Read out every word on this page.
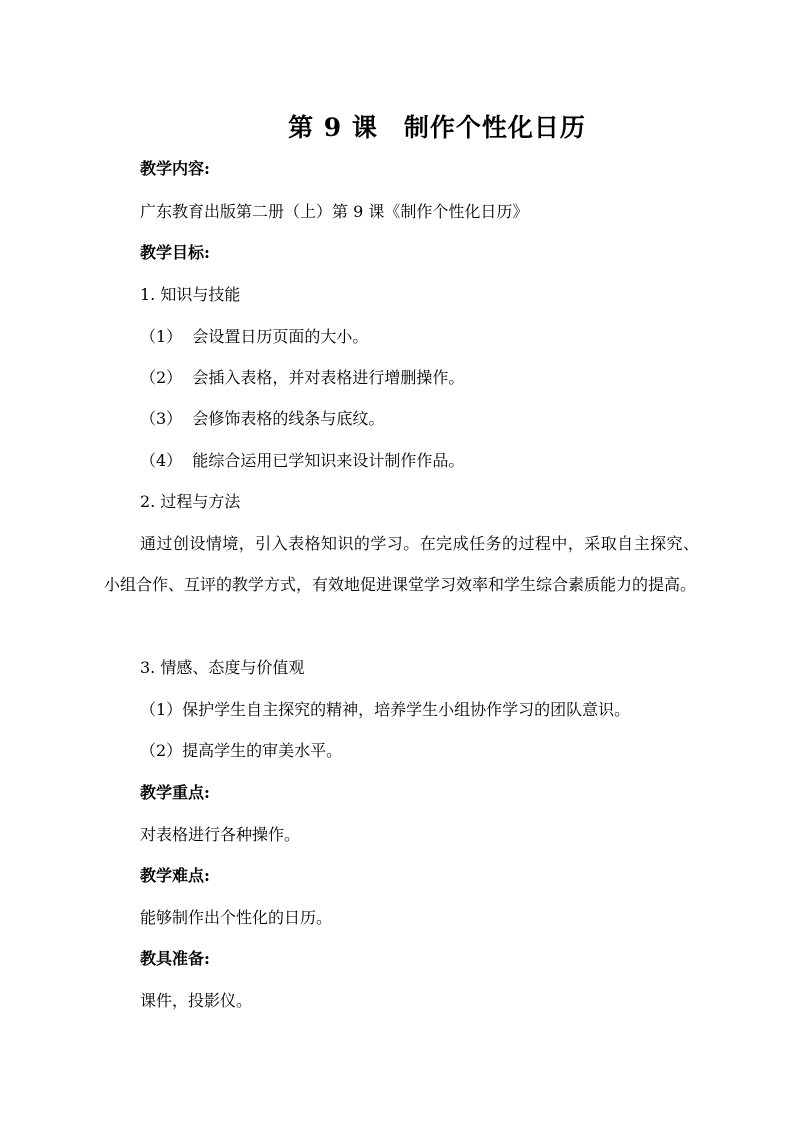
第 9 课　制作个性化日历
教学内容:
广东教育出版第二册（上）第 9 课《制作个性化日历》
教学目标:
1. 知识与技能
（1）  会设置日历页面的大小。
（2）  会插入表格，并对表格进行增删操作。
（3）  会修饰表格的线条与底纹。
（4）  能综合运用已学知识来设计制作作品。
2. 过程与方法
通过创设情境，引入表格知识的学习。在完成任务的过程中，采取自主探究、小组合作、互评的教学方式，有效地促进课堂学习效率和学生综合素质能力的提高。
3. 情感、态度与价值观
（1）保护学生自主探究的精神，培养学生小组协作学习的团队意识。
（2）提高学生的审美水平。
教学重点:
对表格进行各种操作。
教学难点:
能够制作出个性化的日历。
教具准备:
课件，投影仪。
